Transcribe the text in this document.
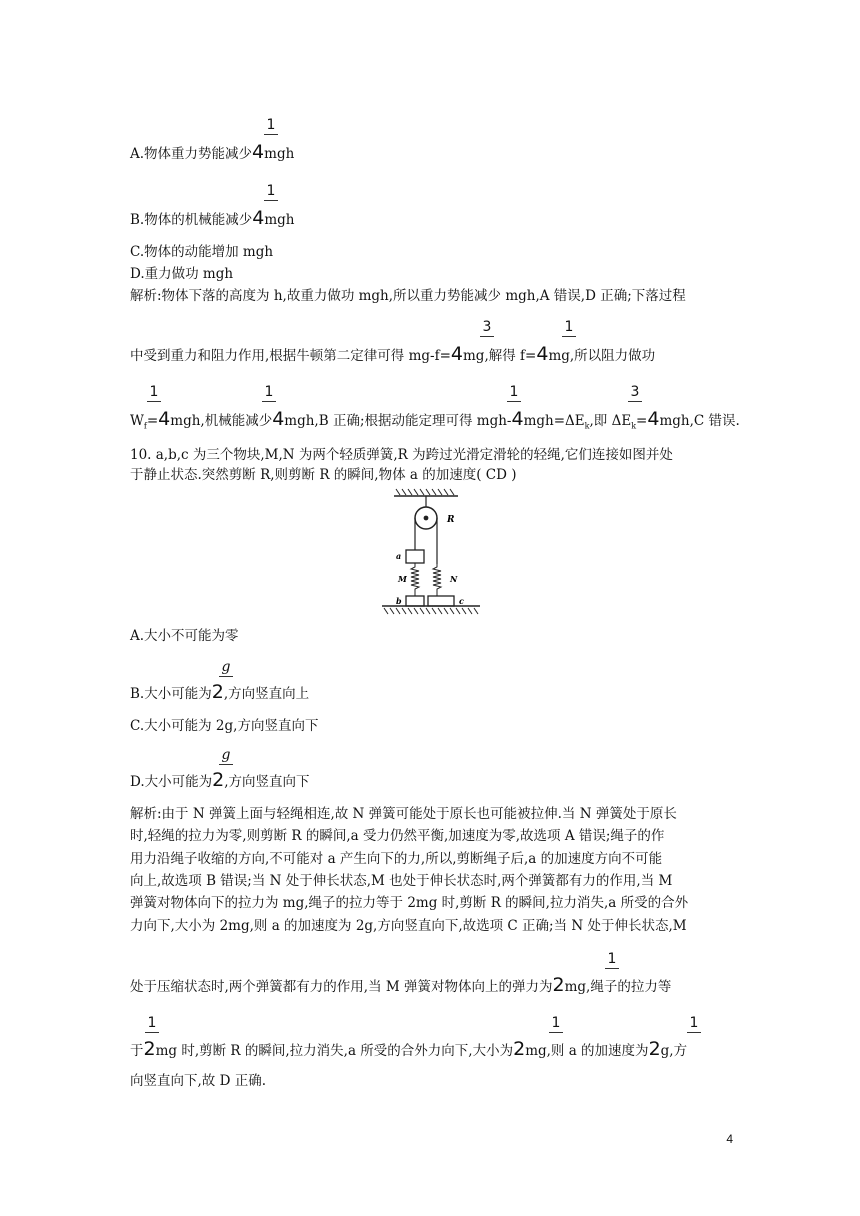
1
A.物体重力势能减少4mgh
1
B.物体的机械能减少4mgh
C.物体的动能增加 mgh
D.重力做功 mgh
解析:物体下落的高度为 h,故重力做功 mgh,所以重力势能减少 mgh,A 错误,D 正确;下落过程
3	1
中受到重力和阻力作用,根据牛顿第二定律可得 mg-f=4mg,解得 f=4mg,所以阻力做功
1	1	1	3
$W_f=4mgh$,机械能减少4mgh,B 正确;根据动能定理可得 mgh-$4mgh=\Delta E_k$,即 $\Delta E_k=4mgh,C$ 错误.
10. a,b,c 为三个物块,M,N 为两个轻质弹簧,R 为跨过光滑定滑轮的轻绳,它们连接如图并处
于静止状态.突然剪断 R,则剪断 R 的瞬间,物体 a 的加速度( CD )
R
a
M	N
b	c
A.大小不可能为零
g
B.大小可能为2,方向竖直向上
C.大小可能为 2g,方向竖直向下
g
D.大小可能为2,方向竖直向下
解析:由于 N 弹簧上面与轻绳相连,故 N 弹簧可能处于原长也可能被拉伸.当 N 弹簧处于原长
时,轻绳的拉力为零,则剪断 R 的瞬间,a 受力仍然平衡,加速度为零,故选项 A 错误;绳子的作
用力沿绳子收缩的方向,不可能对 a 产生向下的力,所以,剪断绳子后,a 的加速度方向不可能
向上,故选项 B 错误;当 N 处于伸长状态,M 也处于伸长状态时,两个弹簧都有力的作用,当 M
弹簧对物体向下的拉力为 mg,绳子的拉力等于 2mg 时,剪断 R 的瞬间,拉力消失,a 所受的合外
力向下,大小为 2mg,则 a 的加速度为 2g,方向竖直向下,故选项 C 正确;当 N 处于伸长状态,M
1
处于压缩状态时,两个弹簧都有力的作用,当 M 弹簧对物体向上的弹力为2mg,绳子的拉力等
1	1	1
于2mg 时,剪断 R 的瞬间,拉力消失,a 所受的合外力向下,大小为2mg,则 a 的加速度为2g,方
向竖直向下,故 D 正确.
4
